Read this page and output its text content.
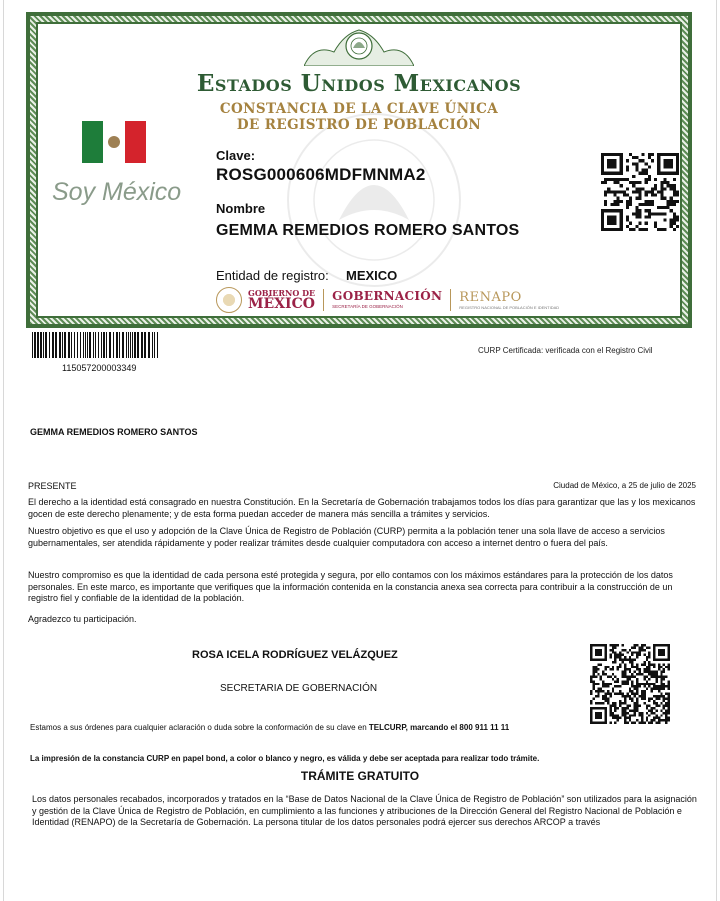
Estados Unidos Mexicanos
CONSTANCIA DE LA CLAVE ÚNICA
DE REGISTRO DE POBLACIÓN
Soy México
Clave:
ROSG000606MDFMNMA2
Nombre
GEMMA REMEDIOS ROMERO SANTOS
Entidad de registro: MEXICO
GOBIERNO DE
MÉXICO GOBERNACIÓN
SECRETARÍA DE GOBERNACIÓN
RENAPO
REGISTRO NACIONAL DE POBLACIÓN E IDENTIDAD
115057200003349
CURP Certificada: verificada con el Registro Civil
GEMMA REMEDIOS ROMERO SANTOS
PRESENTE	Ciudad de México, a 25 de julio de 2025
El derecho a la identidad está consagrado en nuestra Constitución. En la Secretaría de Gobernación trabajamos todos los días para garantizar que las y los mexicanos gocen de este derecho plenamente; y de esta forma puedan acceder de manera más sencilla a trámites y servicios.
Nuestro objetivo es que el uso y adopción de la Clave Única de Registro de Población (CURP) permita a la población tener una sola llave de acceso a servicios gubernamentales, ser atendida rápidamente y poder realizar trámites desde cualquier computadora con acceso a internet dentro o fuera del país.
Nuestro compromiso es que la identidad de cada persona esté protegida y segura, por ello contamos con los máximos estándares para la protección de los datos personales. En este marco, es importante que verifiques que la información contenida en la constancia anexa sea correcta para contribuir a la construcción de un registro fiel y confiable de la identidad de la población.
Agradezco tu participación.
ROSA ICELA RODRÍGUEZ VELÁZQUEZ
SECRETARIA DE GOBERNACIÓN
Estamos a sus órdenes para cualquier aclaración o duda sobre la conformación de su clave en TELCURP, marcando el 800 911 11 11
La impresión de la constancia CURP en papel bond, a color o blanco y negro, es válida y debe ser aceptada para realizar todo trámite.
TRÁMITE GRATUITO
Los datos personales recabados, incorporados y tratados en la “Base de Datos Nacional de la Clave Única de Registro de Población” son utilizados para la asignación y gestión de la Clave Única de Registro de Población, en cumplimiento a las funciones y atribuciones de la Dirección General del Registro Nacional de Población e Identidad (RENAPO) de la Secretaría de Gobernación. La persona titular de los datos personales podrá ejercer sus derechos ARCOP a través
